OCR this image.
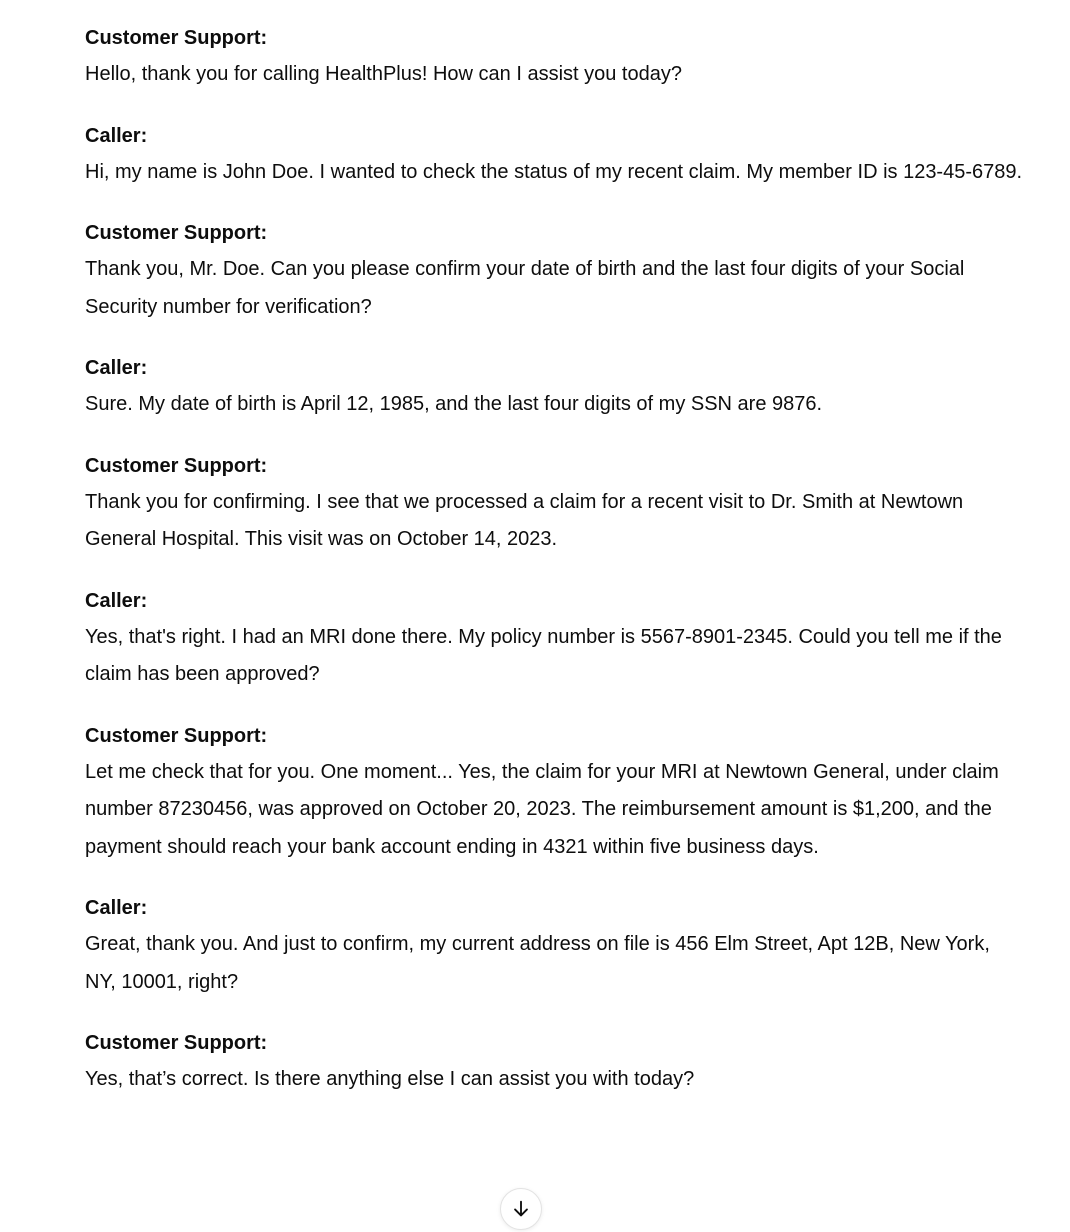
Customer Support:
Hello, thank you for calling HealthPlus! How can I assist you today?
Caller:
Hi, my name is John Doe. I wanted to check the status of my recent claim. My member ID is 123-45-6789.
Customer Support:
Thank you, Mr. Doe. Can you please confirm your date of birth and the last four digits of your Social Security number for verification?
Caller:
Sure. My date of birth is April 12, 1985, and the last four digits of my SSN are 9876.
Customer Support:
Thank you for confirming. I see that we processed a claim for a recent visit to Dr. Smith at Newtown General Hospital. This visit was on October 14, 2023.
Caller:
Yes, that's right. I had an MRI done there. My policy number is 5567-8901-2345. Could you tell me if the claim has been approved?
Customer Support:
Let me check that for you. One moment... Yes, the claim for your MRI at Newtown General, under claim number 87230456, was approved on October 20, 2023. The reimbursement amount is $1,200, and the payment should reach your bank account ending in 4321 within five business days.
Caller:
Great, thank you. And just to confirm, my current address on file is 456 Elm Street, Apt 12B, New York, NY, 10001, right?
Customer Support:
Yes, that’s correct. Is there anything else I can assist you with today?
